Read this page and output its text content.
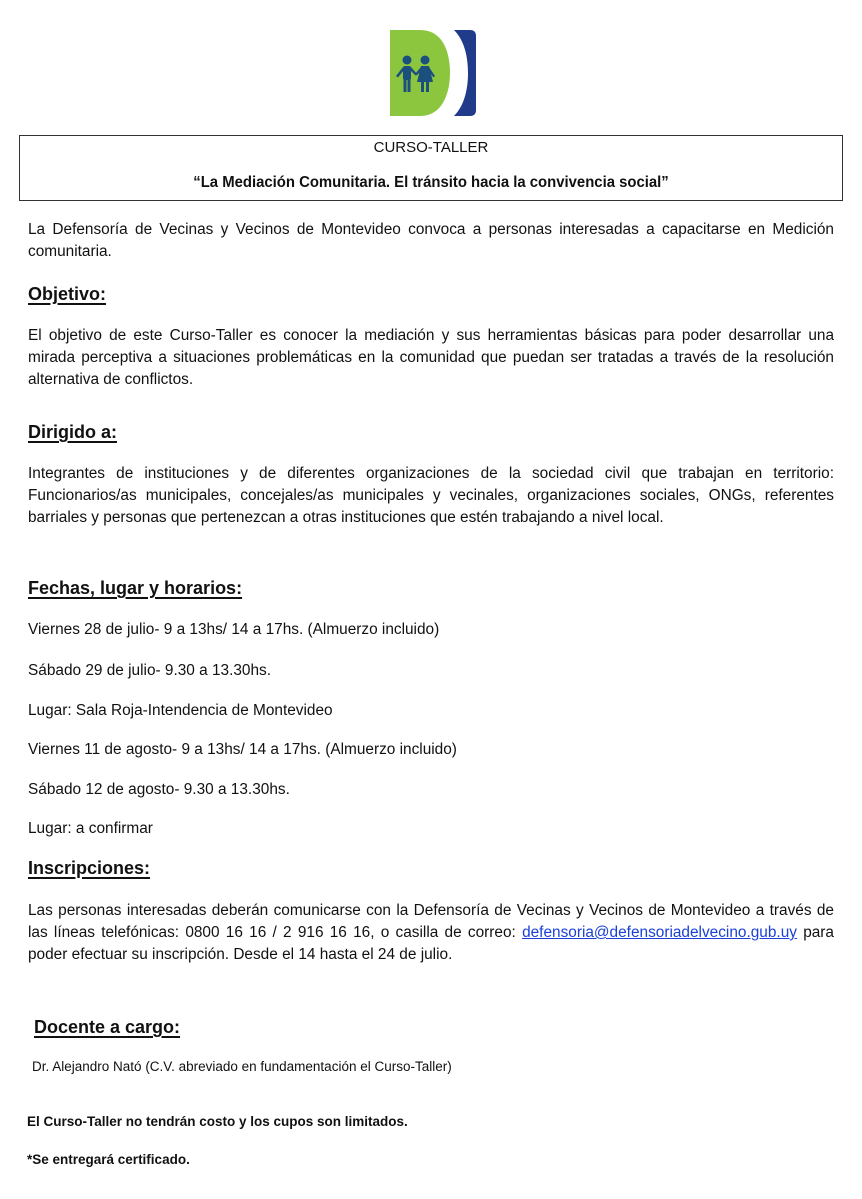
CURSO-TALLER
“La Mediación Comunitaria. El tránsito hacia la convivencia social”
La Defensoría de Vecinas y Vecinos de Montevideo convoca a personas interesadas a capacitarse en Medición comunitaria.
Objetivo:
El objetivo de este Curso-Taller es conocer la mediación y sus herramientas básicas para poder desarrollar una mirada perceptiva a situaciones problemáticas en la comunidad que puedan ser tratadas a través de la resolución alternativa de conflictos.
Dirigido a:
Integrantes de instituciones y de diferentes organizaciones de la sociedad civil que trabajan en territorio: Funcionarios/as municipales, concejales/as municipales y vecinales, organizaciones sociales, ONGs, referentes barriales y personas que pertenezcan a otras instituciones que estén trabajando a nivel local.
Fechas, lugar y horarios:
Viernes 28 de julio- 9 a 13hs/ 14 a 17hs. (Almuerzo incluido)
Sábado 29 de julio- 9.30 a 13.30hs.
Lugar: Sala Roja-Intendencia de Montevideo
Viernes 11 de agosto- 9 a 13hs/ 14 a 17hs. (Almuerzo incluido)
Sábado 12 de agosto- 9.30 a 13.30hs.
Lugar: a confirmar
Inscripciones:
Las personas interesadas deberán comunicarse con la Defensoría de Vecinas y Vecinos de Montevideo a través de las líneas telefónicas: 0800 16 16 / 2 916 16 16, o casilla de correo: defensoria@defensoriadelvecino.gub.uy para poder efectuar su inscripción. Desde el 14 hasta el 24 de julio.
Docente a cargo:
Dr. Alejandro Nató (C.V. abreviado en fundamentación el Curso-Taller)
El Curso-Taller no tendrán costo y los cupos son limitados.
*Se entregará certificado.
